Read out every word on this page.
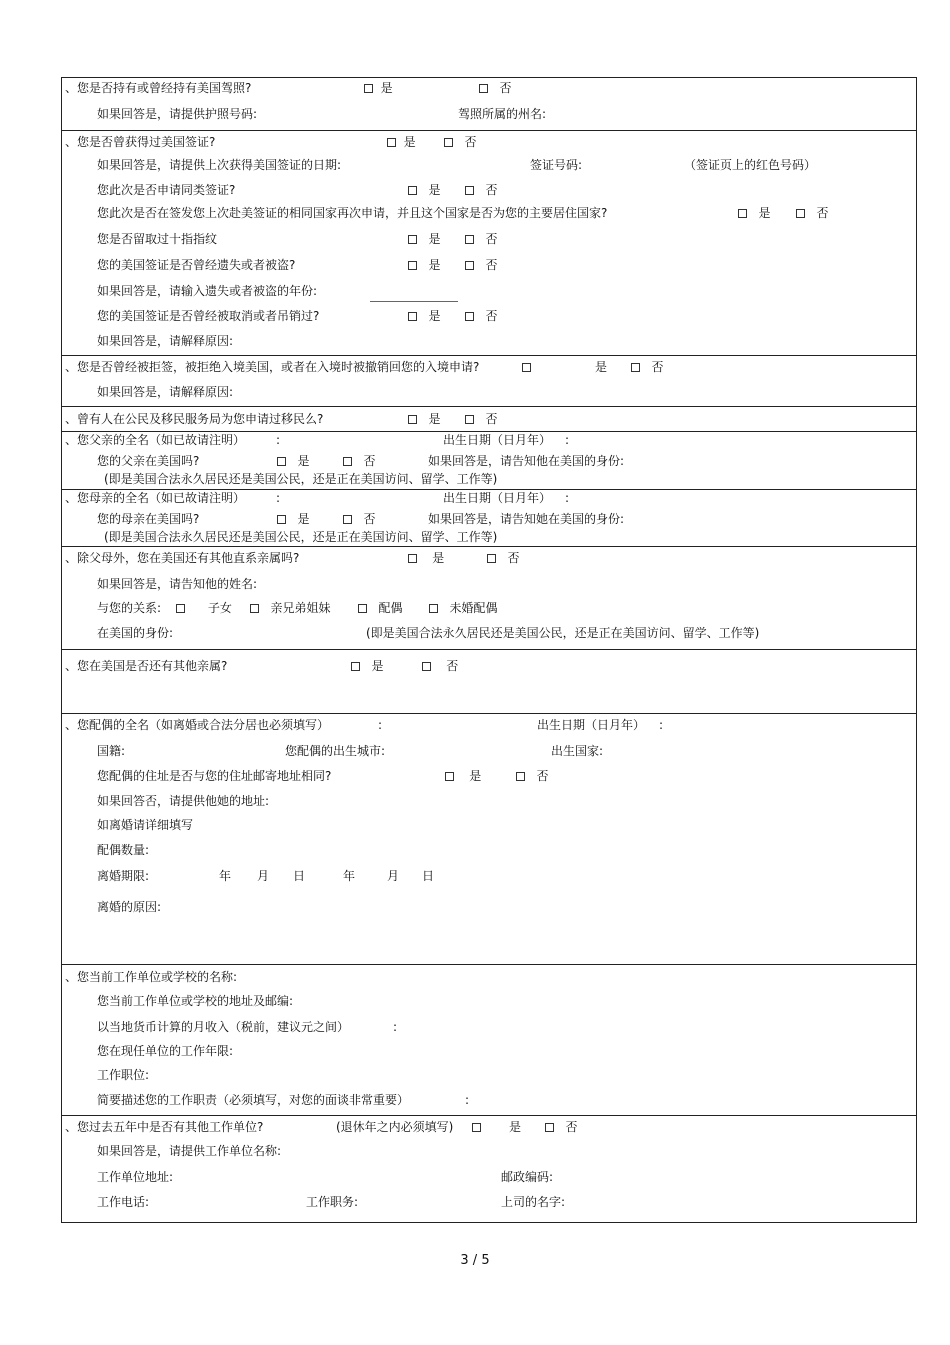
、您是否持有或曾经持有美国驾照?	是	否
如果回答是，请提供护照号码:	驾照所属的州名:
、您是否曾获得过美国签证?	是	否
如果回答是，请提供上次获得美国签证的日期:	签证号码:	（签证页上的红色号码）
您此次是否申请同类签证?	是	否
您此次是否在签发您上次赴美签证的相同国家再次申请，并且这个国家是否为您的主要居住国家?	是	否
您是否留取过十指指纹	是	否
您的美国签证是否曾经遗失或者被盗?	是	否
如果回答是，请输入遗失或者被盗的年份:
您的美国签证是否曾经被取消或者吊销过?	是	否
如果回答是，请解释原因:
、您是否曾经被拒签，被拒绝入境美国，或者在入境时被撤销回您的入境申请?	是	否
如果回答是，请解释原因:
、曾有人在公民及移民服务局为您申请过移民么?	是	否
、您父亲的全名（如已故请注明）	:	出生日期（日月年） :
您的父亲在美国吗?	是	否	如果回答是，请告知他在美国的身份:
(即是美国合法永久居民还是美国公民，还是正在美国访问、留学、工作等)
、您母亲的全名（如已故请注明）	:	出生日期（日月年） :
您的母亲在美国吗?	是	否	如果回答是，请告知她在美国的身份:
(即是美国合法永久居民还是美国公民，还是正在美国访问、留学、工作等)
、除父母外，您在美国还有其他直系亲属吗?	是	否
如果回答是，请告知他的姓名:
与您的关系:	子女	亲兄弟姐妹	配偶	未婚配偶
在美国的身份:	(即是美国合法永久居民还是美国公民，还是正在美国访问、留学、工作等)
、您在美国是否还有其他亲属?	是	否
、您配偶的全名（如离婚或合法分居也必须填写）	:	出生日期（日月年） :
国籍:	您配偶的出生城市:	出生国家:
您配偶的住址是否与您的住址邮寄地址相同?	是	否
如果回答否，请提供他她的地址:
如离婚请详细填写
配偶数量:
离婚期限:	年 月 日	年	月 日
离婚的原因:
、您当前工作单位或学校的名称:
您当前工作单位或学校的地址及邮编:
以当地货币计算的月收入（税前，建议元之间）	:
您在现任单位的工作年限:
工作职位:
简要描述您的工作职责（必须填写，对您的面谈非常重要）	:
、您过去五年中是否有其他工作单位?	(退休年之内必须填写)	是	否
如果回答是，请提供工作单位名称:
工作单位地址:	邮政编码:
工作电话:	工作职务:	上司的名字:
3 / 5
